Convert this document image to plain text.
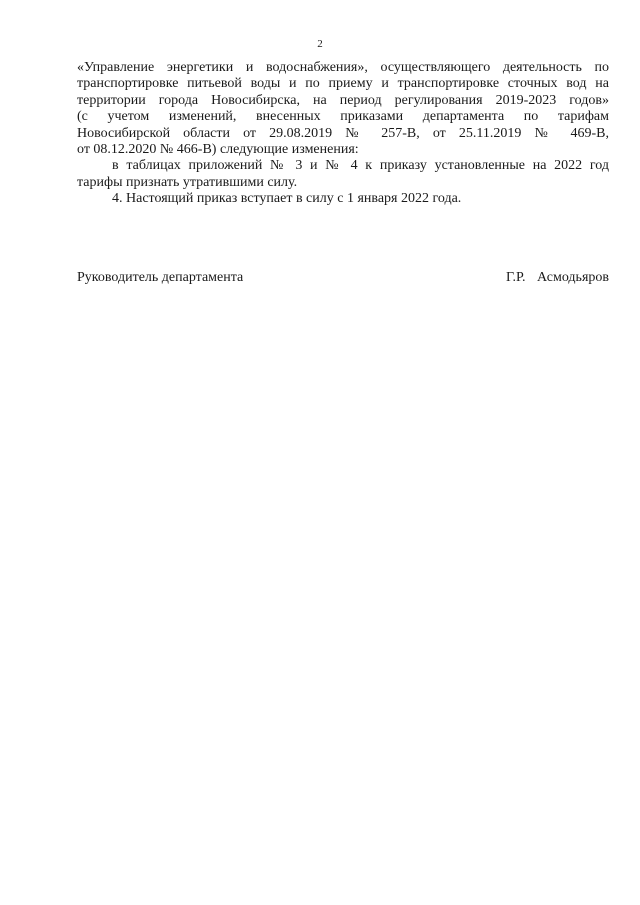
2
«Управление энергетики и водоснабжения», осуществляющего деятельность по
транспортировке питьевой воды и по приему и транспортировке сточных вод на
территории города Новосибирска, на период регулирования 2019-2023 годов»
(с учетом изменений, внесенных приказами департамента по тарифам
Новосибирской области от 29.08.2019 № 257-В, от 25.11.2019 № 469-В,
от 08.12.2020 № 466-В) следующие изменения:
в таблицах приложений № 3 и № 4 к приказу установленные на 2022 год
тарифы признать утратившими силу.
4. Настоящий приказ вступает в силу с 1 января 2022 года.
Руководитель департамента	Г.Р. Асмодьяров
